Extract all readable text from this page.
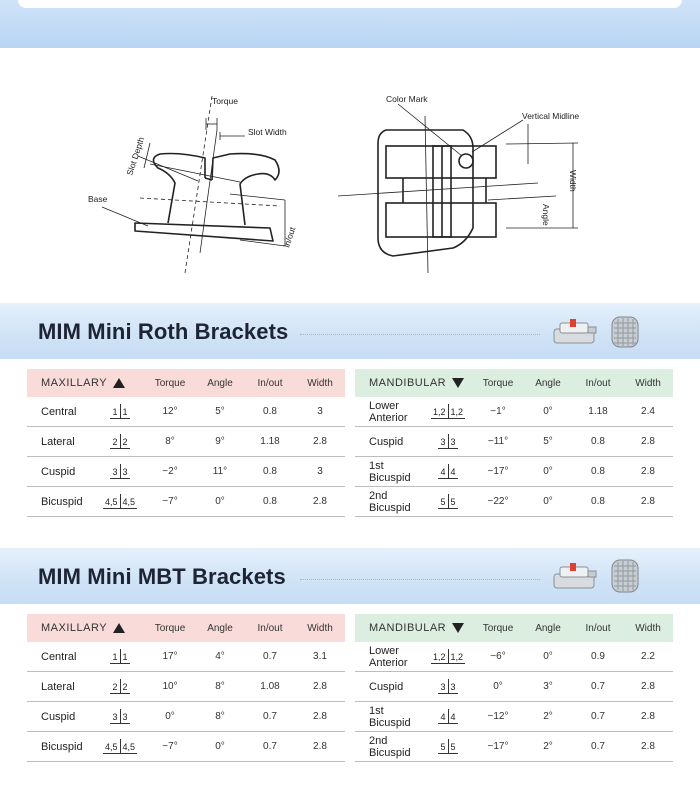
Torque
Slot Width
Slot Depth
Base
in/out
Color Mark
Vertical Midline
Angle
Width
MIM Mini Roth Brackets
MAXILLARY	Torque	Angle	In/out	Width
Central	1 1	12°	5°	0.8	3
Lateral	2 2	8°	9°	1.18	2.8
Cuspid	3 3	−2°	11°	0.8	3
Bicuspid	4,5 4,5	−7°	0°	0.8	2.8
MANDIBULAR	Torque	Angle	In/out	Width
Lower Anterior	1,2 1,2	−1°	0°	1.18	2.4
Cuspid	3 3	−11°	5°	0.8	2.8
1st Bicuspid	4 4	−17°	0°	0.8	2.8
2nd Bicuspid	5 5	−22°	0°	0.8	2.8
MIM Mini MBT Brackets
MAXILLARY	Torque	Angle	In/out	Width
Central	1 1	17°	4°	0.7	3.1
Lateral	2 2	10°	8°	1.08	2.8
Cuspid	3 3	0°	8°	0.7	2.8
Bicuspid	4,5 4,5	−7°	0°	0.7	2.8
MANDIBULAR	Torque	Angle	In/out	Width
Lower Anterior	1,2 1,2	−6°	0°	0.9	2.2
Cuspid	3 3	0°	3°	0.7	2.8
1st Bicuspid	4 4	−12°	2°	0.7	2.8
2nd Bicuspid	5 5	−17°	2°	0.7	2.8
